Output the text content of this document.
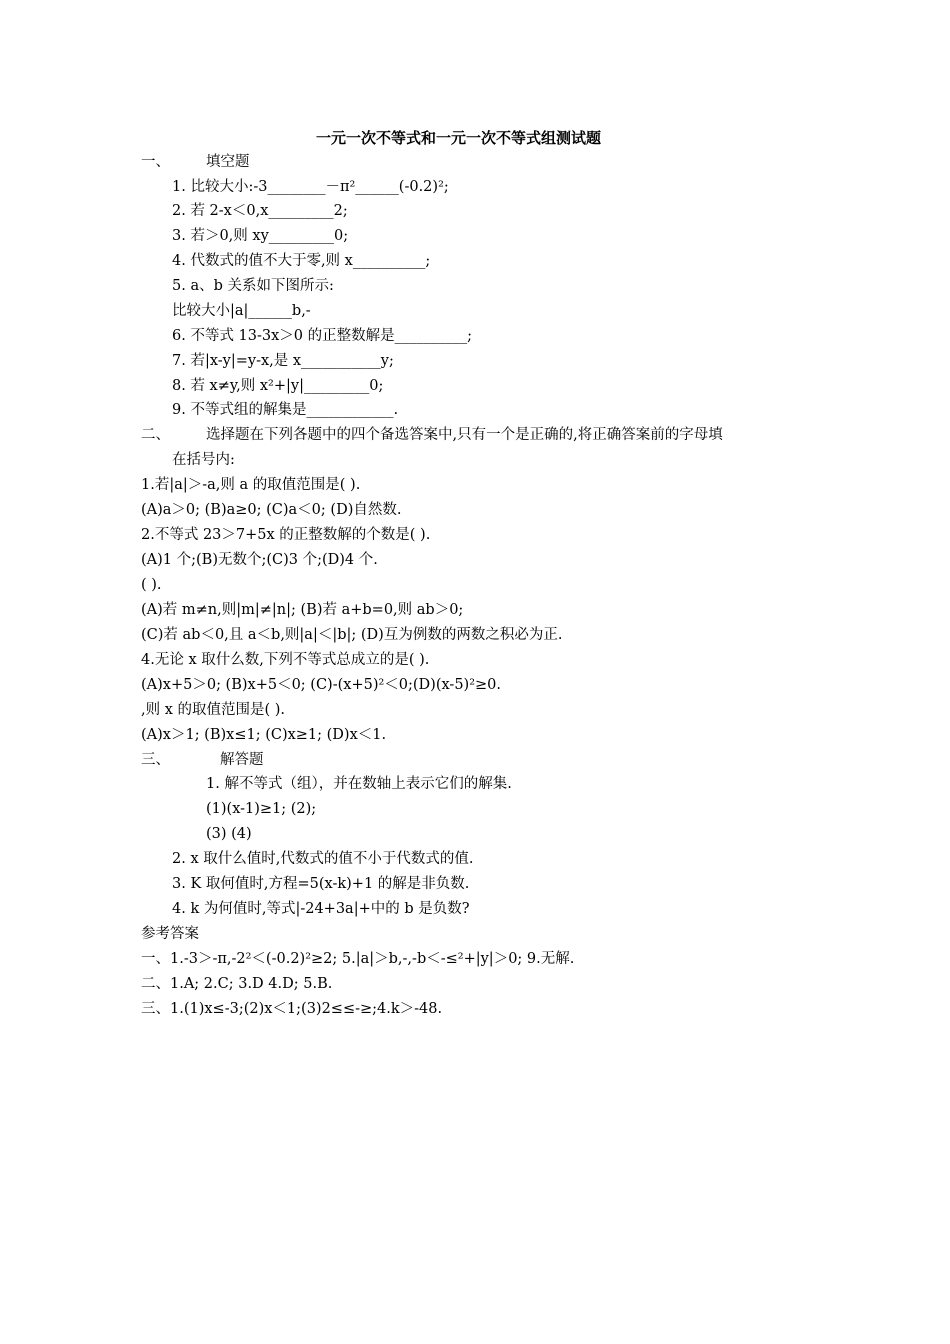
一元一次不等式和一元一次不等式组测试题
一、 填空题
1. 比较大小:-3________－π²______(-0.2)²;
2. 若 2-x＜0,x_________2;
3. 若＞0,则 xy_________0;
4. 代数式的值不大于零,则 x__________;
5. a、b 关系如下图所示:
比较大小|a|______b,-
6. 不等式 13-3x＞0 的正整数解是__________;
7. 若|x-y|=y-x,是 x___________y;
8. 若 x≠y,则 x²+|y|_________0;
9. 不等式组的解集是____________.
二、 选择题在下列各题中的四个备选答案中,只有一个是正确的,将正确答案前的字母填
在括号内:
1.若|a|＞-a,则 a 的取值范围是( ).
(A)a＞0; (B)a≥0; (C)a＜0; (D)自然数.
2.不等式 23＞7+5x 的正整数解的个数是( ).
(A)1 个;(B)无数个;(C)3 个;(D)4 个.
( ).
(A)若 m≠n,则|m|≠|n|; (B)若 a+b=0,则 ab＞0;
(C)若 ab＜0,且 a＜b,则|a|＜|b|; (D)互为例数的两数之积必为正.
4.无论 x 取什么数,下列不等式总成立的是( ).
(A)x+5＞0; (B)x+5＜0; (C)-(x+5)²＜0;(D)(x-5)²≥0.
,则 x 的取值范围是( ).
(A)x＞1; (B)x≤1; (C)x≥1; (D)x＜1.
三、	解答题
1. 解不等式（组），并在数轴上表示它们的解集.
(1)(x-1)≥1; (2);
(3) (4)
2. x 取什么值时,代数式的值不小于代数式的值.
3. K 取何值时,方程=5(x-k)+1 的解是非负数.
4. k 为何值时,等式|-24+3a|+中的 b 是负数?
参考答案
一、1.-3＞-π,-2²＜(-0.2)²≥2; 5.|a|＞b,-,-b＜-≤²+|y|＞0; 9.无解.
二、1.A; 2.C; 3.D 4.D; 5.B.
三、1.(1)x≤-3;(2)x＜1;(3)2≤≤-≥;4.k＞-48.
